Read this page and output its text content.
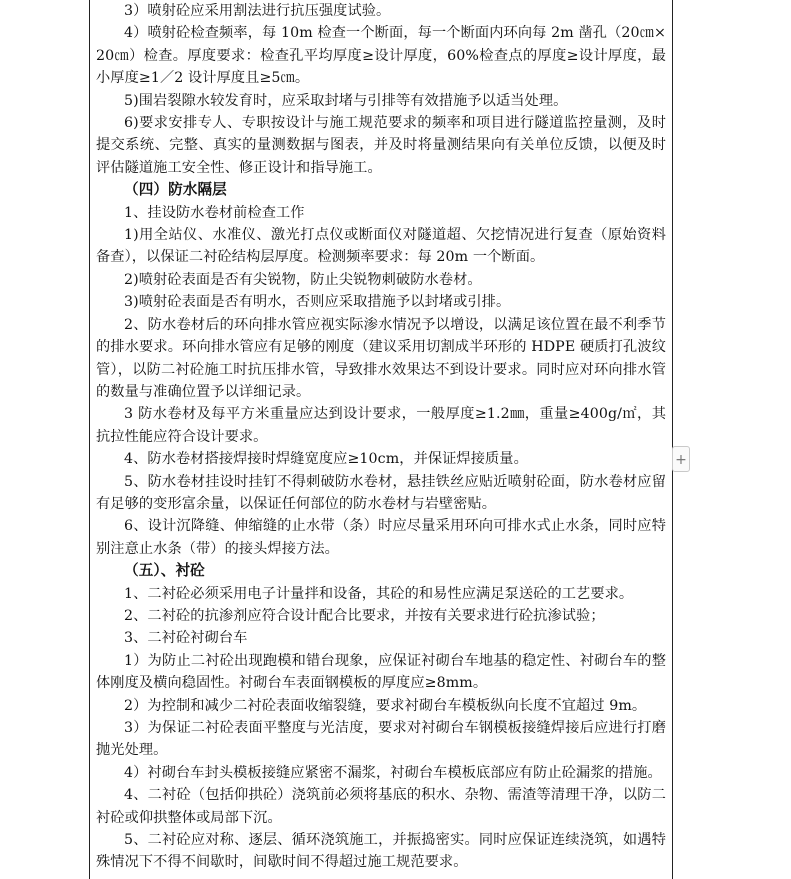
3）喷射砼应采用割法进行抗压强度试验。

4）喷射砼检查频率，每 10m 检查一个断面，每一个断面内环向每 2m 凿孔（20㎝×20㎝）检查。厚度要求：检查孔平均厚度≥设计厚度，60%检查点的厚度≥设计厚度，最小厚度≥1／2 设计厚度且≥5㎝。

5)围岩裂隙水较发育时，应采取封堵与引排等有效措施予以适当处理。

6)要求安排专人、专职按设计与施工规范要求的频率和项目进行隧道监控量测，及时提交系统、完整、真实的量测数据与图表，并及时将量测结果向有关单位反馈，以便及时评估隧道施工安全性、修正设计和指导施工。

（四）防水隔层

1、挂设防水卷材前检查工作

1)用全站仪、水准仪、激光打点仪或断面仪对隧道超、欠挖情况进行复查（原始资料备查），以保证二衬砼结构层厚度。检测频率要求：每 20m 一个断面。

2)喷射砼表面是否有尖锐物，防止尖锐物刺破防水卷材。

3)喷射砼表面是否有明水，否则应采取措施予以封堵或引排。

2、防水卷材后的环向排水管应视实际渗水情况予以增设，以满足该位置在最不利季节的排水要求。环向排水管应有足够的刚度（建议采用切割成半环形的 HDPE 硬质打孔波纹管），以防二衬砼施工时抗压排水管，导致排水效果达不到设计要求。同时应对环向排水管的数量与准确位置予以详细记录。

3 防水卷材及每平方米重量应达到设计要求，一般厚度≥1.2㎜，重量≥400g/㎡，其抗拉性能应符合设计要求。

4、防水卷材搭接焊接时焊缝宽度应≥10cm，并保证焊接质量。

5、防水卷材挂设时挂钉不得刺破防水卷材，悬挂铁丝应贴近喷射砼面，防水卷材应留有足够的变形富余量，以保证任何部位的防水卷材与岩壁密贴。

6、设计沉降缝、伸缩缝的止水带（条）时应尽量采用环向可排水式止水条，同时应特别注意止水条（带）的接头焊接方法。

（五）、衬砼

1、二衬砼必须采用电子计量拌和设备，其砼的和易性应满足泵送砼的工艺要求。

2、二衬砼的抗渗剂应符合设计配合比要求，并按有关要求进行砼抗渗试验；

3、二衬砼衬砌台车

1）为防止二衬砼出现跑模和错台现象，应保证衬砌台车地基的稳定性、衬砌台车的整体刚度及横向稳固性。衬砌台车表面钢模板的厚度应≥8mm。

2）为控制和减少二衬砼表面收缩裂缝，要求衬砌台车模板纵向长度不宜超过 9m。

3）为保证二衬砼表面平整度与光洁度，要求对衬砌台车钢模板接缝焊接后应进行打磨抛光处理。

4）衬砌台车封头模板接缝应紧密不漏浆，衬砌台车模板底部应有防止砼漏浆的措施。

4、二衬砼（包括仰拱砼）浇筑前必须将基底的积水、杂物、需渣等清理干净，以防二衬砼或仰拱整体或局部下沉。

5、二衬砼应对称、逐层、循环浇筑施工，并振捣密实。同时应保证连续浇筑，如遇特殊情况下不得不间歇时，间歇时间不得超过施工规范要求。

+
